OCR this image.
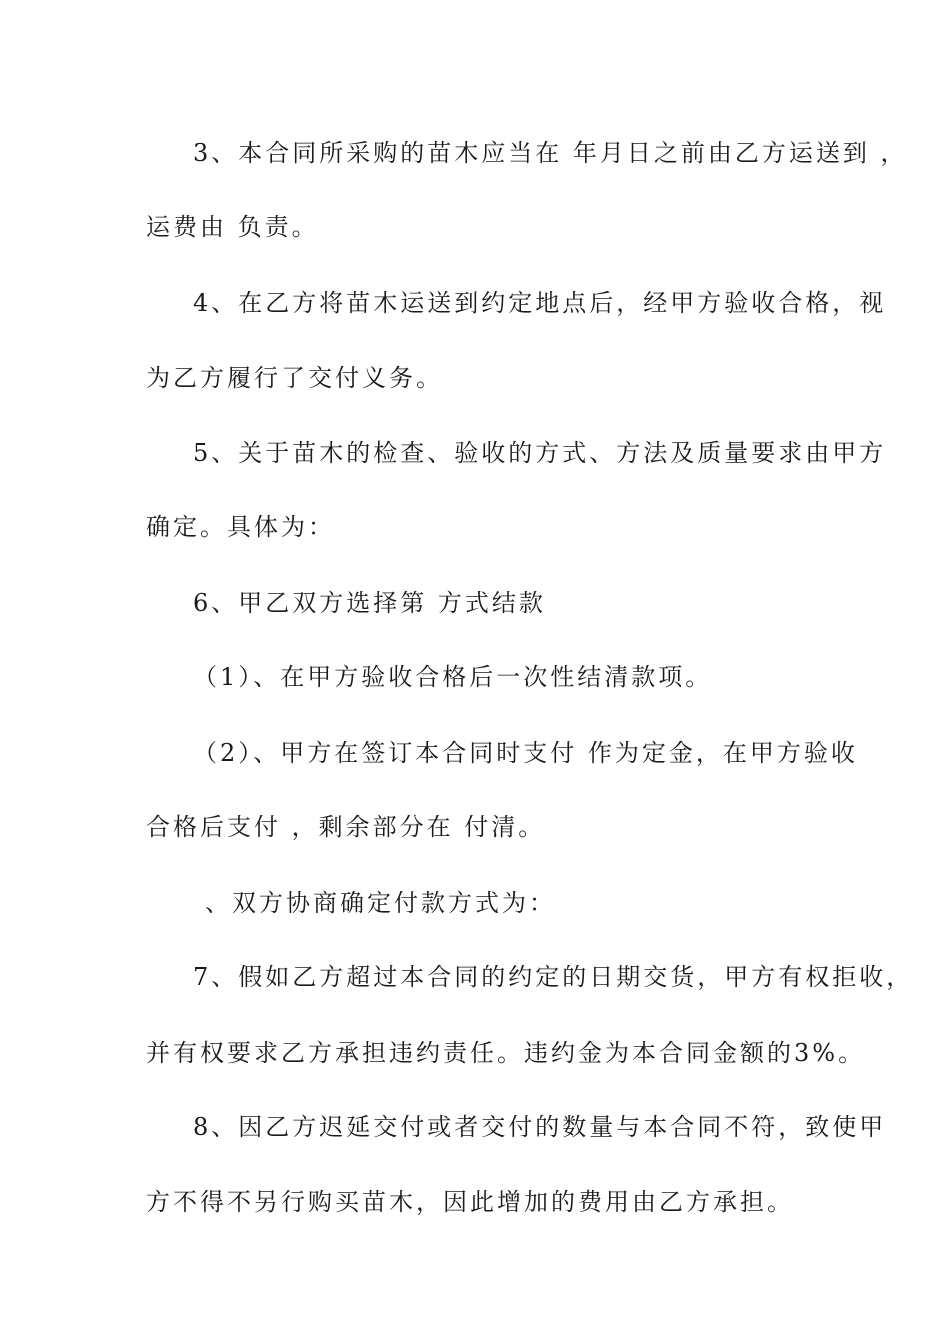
3、本合同所采购的苗木应当在 年月日之前由乙方运送到 ，
运费由 负责。
4、在乙方将苗木运送到约定地点后，经甲方验收合格，视
为乙方履行了交付义务。
5、关于苗木的检查、验收的方式、方法及质量要求由甲方
确定。具体为：
6、甲乙双方选择第 方式结款
（1）、在甲方验收合格后一次性结清款项。
（2）、甲方在签订本合同时支付 作为定金，在甲方验收
合格后支付 ，剩余部分在 付清。
、双方协商确定付款方式为：
7、假如乙方超过本合同的约定的日期交货，甲方有权拒收，
并有权要求乙方承担违约责任。违约金为本合同金额的3%。
8、因乙方迟延交付或者交付的数量与本合同不符，致使甲
方不得不另行购买苗木，因此增加的费用由乙方承担。
